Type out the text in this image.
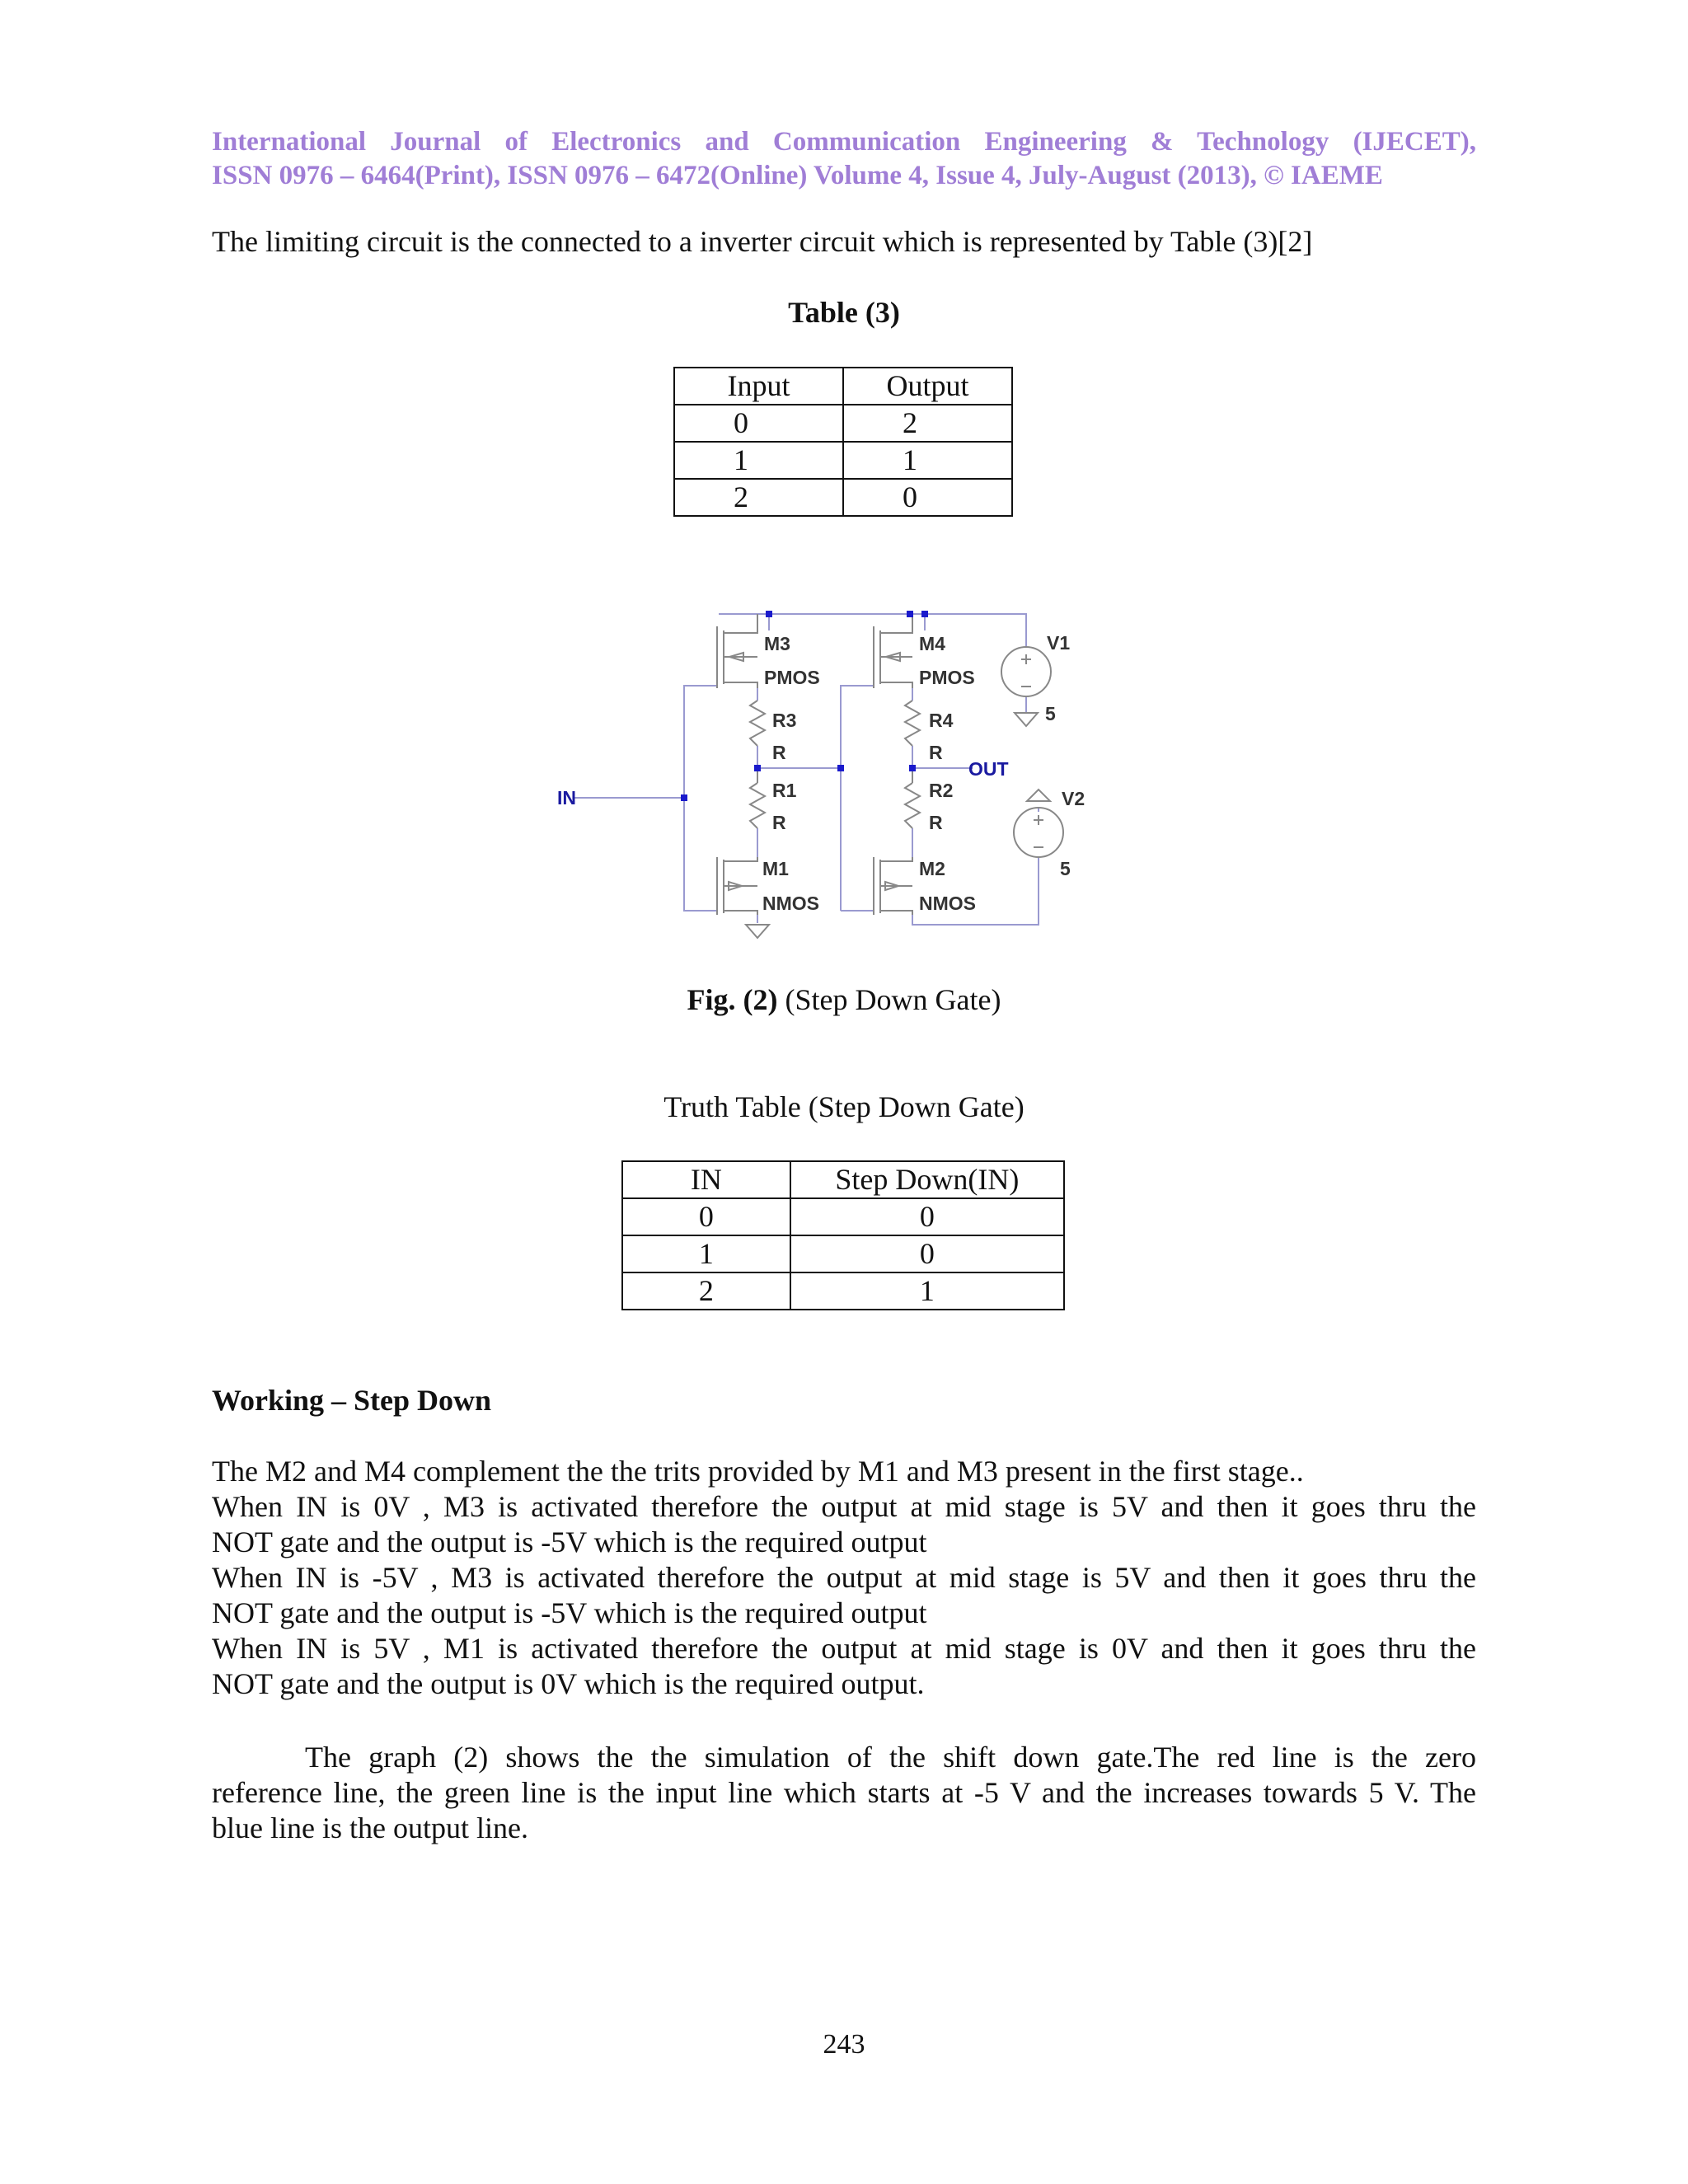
International Journal of Electronics and Communication Engineering & Technology (IJECET),
ISSN 0976 – 6464(Print), ISSN 0976 – 6472(Online) Volume 4, Issue 4, July-August (2013), © IAEME
The limiting circuit is the connected to a inverter circuit which is represented by Table (3)[2]
Table (3)
Input	Output
0	2
1	1
2	0
IN
OUT
M3
PMOS
M4
PMOS
R3
R
R4
R
R1
R
R2
R
M1
NMOS
M2
NMOS
V1
5
V2
5
Fig. (2) (Step Down Gate)
Truth Table (Step Down Gate)
IN	Step Down(IN)
0	0
1	0
2	1
Working – Step Down
The M2 and M4 complement the the trits provided by M1 and M3 present in the first stage..
When IN is 0V , M3 is activated therefore the output at mid stage is 5V and then it goes thru the
NOT gate and the output is -5V which is the required output
When IN is -5V , M3 is activated therefore the output at mid stage is 5V and then it goes thru the
NOT gate and the output is -5V which is the required output
When IN is 5V , M1 is activated therefore the output at mid stage is 0V and then it goes thru the
NOT gate and the output is 0V which is the required output.
The graph (2) shows the the simulation of the shift down gate.The red line is the zero
reference line, the green line is the input line which starts at -5 V and the increases towards 5 V. The
blue line is the output line.
243
